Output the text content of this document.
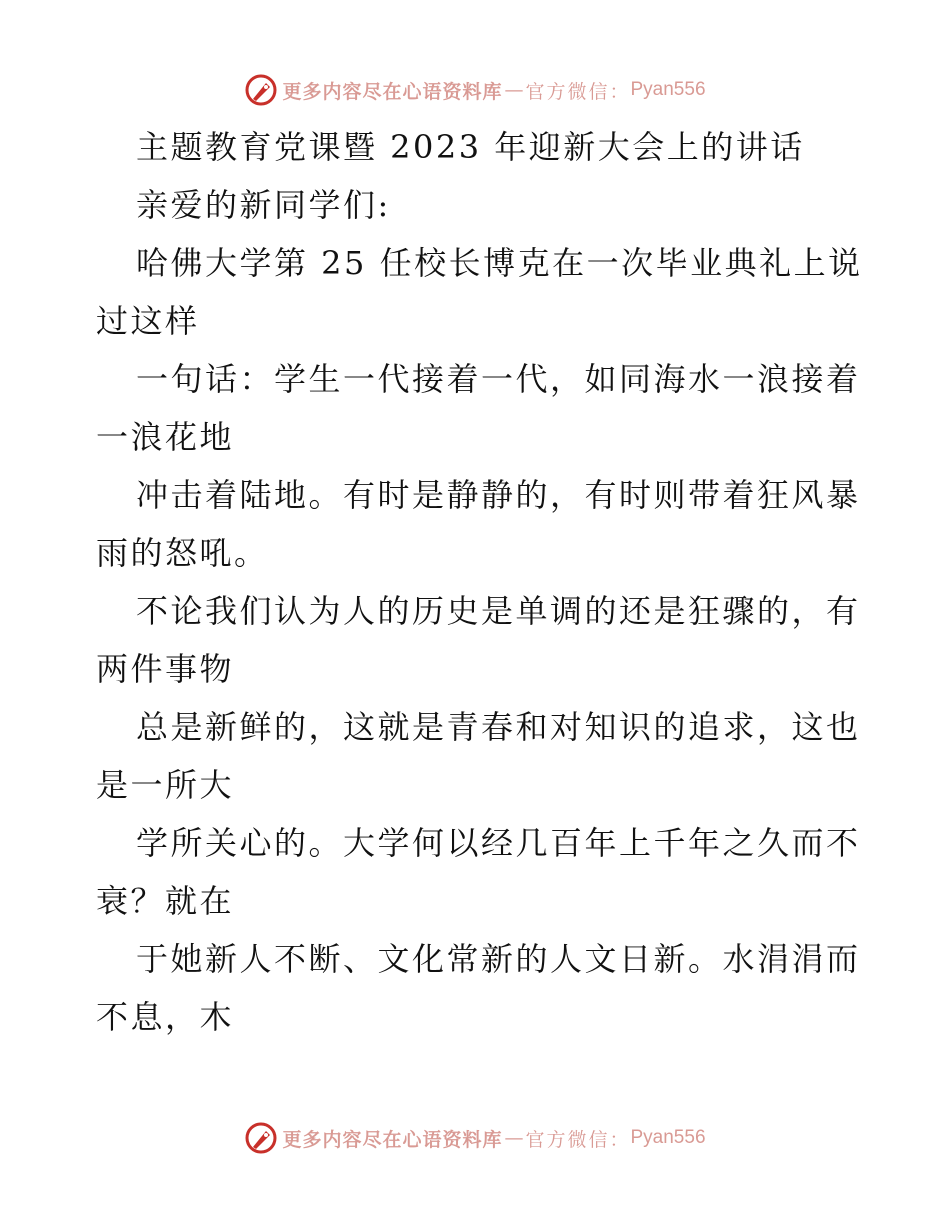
更多内容尽在心语资料库 — 官方微信： Pyan556
主题教育党课暨 2023 年迎新大会上的讲话
亲爱的新同学们:
哈佛大学第 25 任校长博克在一次毕业典礼上说
过这样
一句话：学生一代接着一代，如同海水一浪接着
一浪花地
冲击着陆地。有时是静静的，有时则带着狂风暴
雨的怒吼。
不论我们认为人的历史是单调的还是狂骤的，有
两件事物
总是新鲜的，这就是青春和对知识的追求，这也
是一所大
学所关心的。大学何以经几百年上千年之久而不
衰？就在
于她新人不断、文化常新的人文日新。水涓涓而
不息，木
更多内容尽在心语资料库 — 官方微信： Pyan556
